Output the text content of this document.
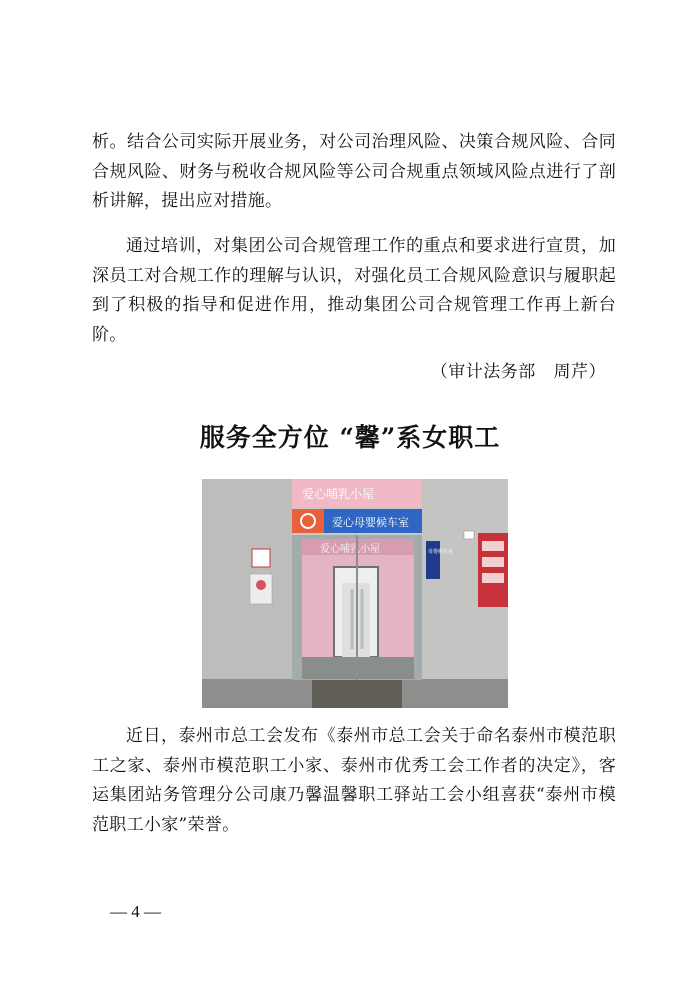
析。结合公司实际开展业务，对公司治理风险、决策合规风险、合同合规风险、财务与税收合规风险等公司合规重点领域风险点进行了剖析讲解，提出应对措施。

通过培训，对集团公司合规管理工作的重点和要求进行宣贯，加深员工对合规工作的理解与认识，对强化员工合规风险意识与履职起到了积极的指导和促进作用，推动集团公司合规管理工作再上新台阶。

（审计法务部   周芹）

服务全方位 “馨”系女职工
爱心哺乳小屋
爱心母婴候车室
爱心哺乳小屋	母婴候车室

近日，泰州市总工会发布《泰州市总工会关于命名泰州市模范职工之家、泰州市模范职工小家、泰州市优秀工会工作者的决定》，客运集团站务管理分公司康乃馨温馨职工驿站工会小组喜获“泰州市模范职工小家”荣誉。

— 4 —
